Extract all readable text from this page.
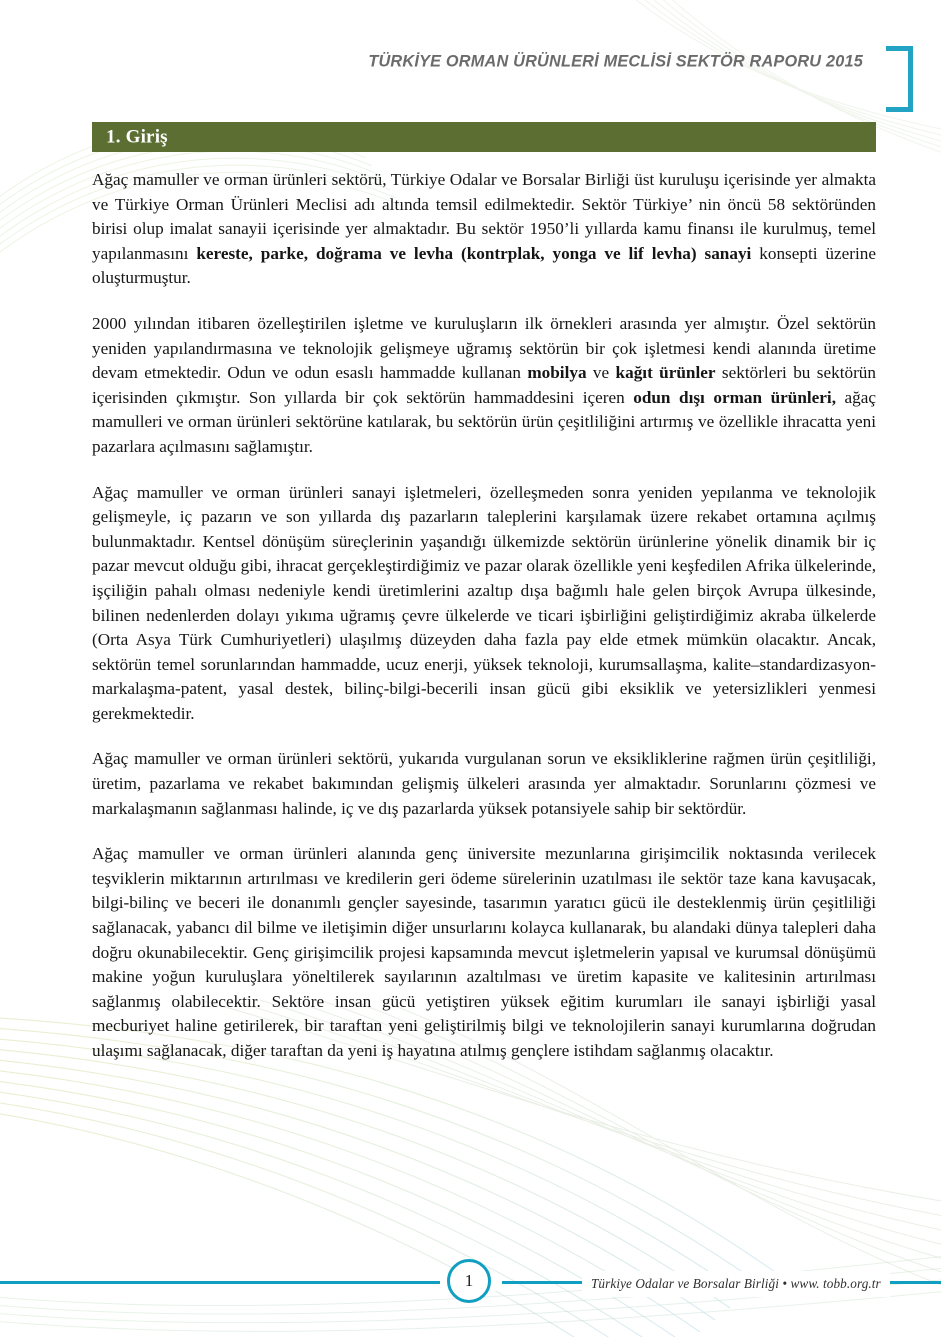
TÜRKİYE ORMAN ÜRÜNLERİ MECLİSİ SEKTÖR RAPORU 2015
1. Giriş

Ağaç mamuller ve orman ürünleri sektörü, Türkiye Odalar ve Borsalar Birliği üst kuruluşu içerisinde yer almakta ve Türkiye Orman Ürünleri Meclisi adı altında temsil edilmektedir. Sektör Türkiye’ nin öncü 58 sektöründen birisi olup imalat sanayii içerisinde yer almaktadır. Bu sektör 1950’li yıllarda kamu finansı ile kurulmuş, temel yapılanmasını kereste, parke, doğrama ve levha (kontrplak, yonga ve lif levha) sanayi konsepti üzerine oluşturmuştur.

2000 yılından itibaren özelleştirilen işletme ve kuruluşların ilk örnekleri arasında yer almıştır. Özel sektörün yeniden yapılandırmasına ve teknolojik gelişmeye uğramış sektörün bir çok işletmesi kendi alanında üretime devam etmektedir. Odun ve odun esaslı hammadde kullanan mobilya ve kağıt ürünler sektörleri bu sektörün içerisinden çıkmıştır. Son yıllarda bir çok sektörün hammaddesini içeren odun dışı orman ürünleri, ağaç mamulleri ve orman ürünleri sektörüne katılarak, bu sektörün ürün çeşitliliğini artırmış ve özellikle ihracatta yeni pazarlara açılmasını sağlamıştır.

Ağaç mamuller ve orman ürünleri sanayi işletmeleri, özelleşmeden sonra yeniden yepılanma ve teknolojik gelişmeyle, iç pazarın ve son yıllarda dış pazarların taleplerini karşılamak üzere rekabet ortamına açılmış bulunmaktadır. Kentsel dönüşüm süreçlerinin yaşandığı ülkemizde sektörün ürünlerine yönelik dinamik bir iç pazar mevcut olduğu gibi, ihracat gerçekleştirdiğimiz ve pazar olarak özellikle yeni keşfedilen Afrika ülkelerinde, işçiliğin pahalı olması nedeniyle kendi üretimlerini azaltıp dışa bağımlı hale gelen birçok Avrupa ülkesinde, bilinen nedenlerden dolayı yıkıma uğramış çevre ülkelerde ve ticari işbirliğini geliştirdiğimiz akraba ülkelerde (Orta Asya Türk Cumhuriyetleri) ulaşılmış düzeyden daha fazla pay elde etmek mümkün olacaktır. Ancak, sektörün temel sorunlarından hammadde, ucuz enerji, yüksek teknoloji, kurumsallaşma, kalite–standardizasyon-markalaşma-patent, yasal destek, bilinç-bilgi-becerili insan gücü gibi eksiklik ve yetersizlikleri yenmesi gerekmektedir.

Ağaç mamuller ve orman ürünleri sektörü, yukarıda vurgulanan sorun ve eksikliklerine rağmen ürün çeşitliliği, üretim, pazarlama ve rekabet bakımından gelişmiş ülkeleri arasında yer almaktadır. Sorunlarını çözmesi ve markalaşmanın sağlanması halinde, iç ve dış pazarlarda yüksek potansiyele sahip bir sektördür.

Ağaç mamuller ve orman ürünleri alanında genç üniversite mezunlarına girişimcilik noktasında verilecek teşviklerin miktarının artırılması ve kredilerin geri ödeme sürelerinin uzatılması ile sektör taze kana kavuşacak, bilgi-bilinç ve beceri ile donanımlı gençler sayesinde, tasarımın yaratıcı gücü ile desteklenmiş ürün çeşitliliği sağlanacak, yabancı dil bilme ve iletişimin diğer unsurlarını kolayca kullanarak, bu alandaki dünya talepleri daha doğru okunabilecektir. Genç girişimcilik projesi kapsamında mevcut işletmelerin yapısal ve kurumsal dönüşümü makine yoğun kuruluşlara yöneltilerek sayılarının azaltılması ve üretim kapasite ve kalitesinin artırılması sağlanmış olabilecektir. Sektöre insan gücü yetiştiren yüksek eğitim kurumları ile sanayi işbirliği yasal mecburiyet haline getirilerek, bir taraftan yeni geliştirilmiş bilgi ve teknolojilerin sanayi kurumlarına doğrudan ulaşımı sağlanacak, diğer taraftan da yeni iş hayatına atılmış gençlere istihdam sağlanmış olacaktır.

1	Türkiye Odalar ve Borsalar Birliği • www. tobb.org.tr
